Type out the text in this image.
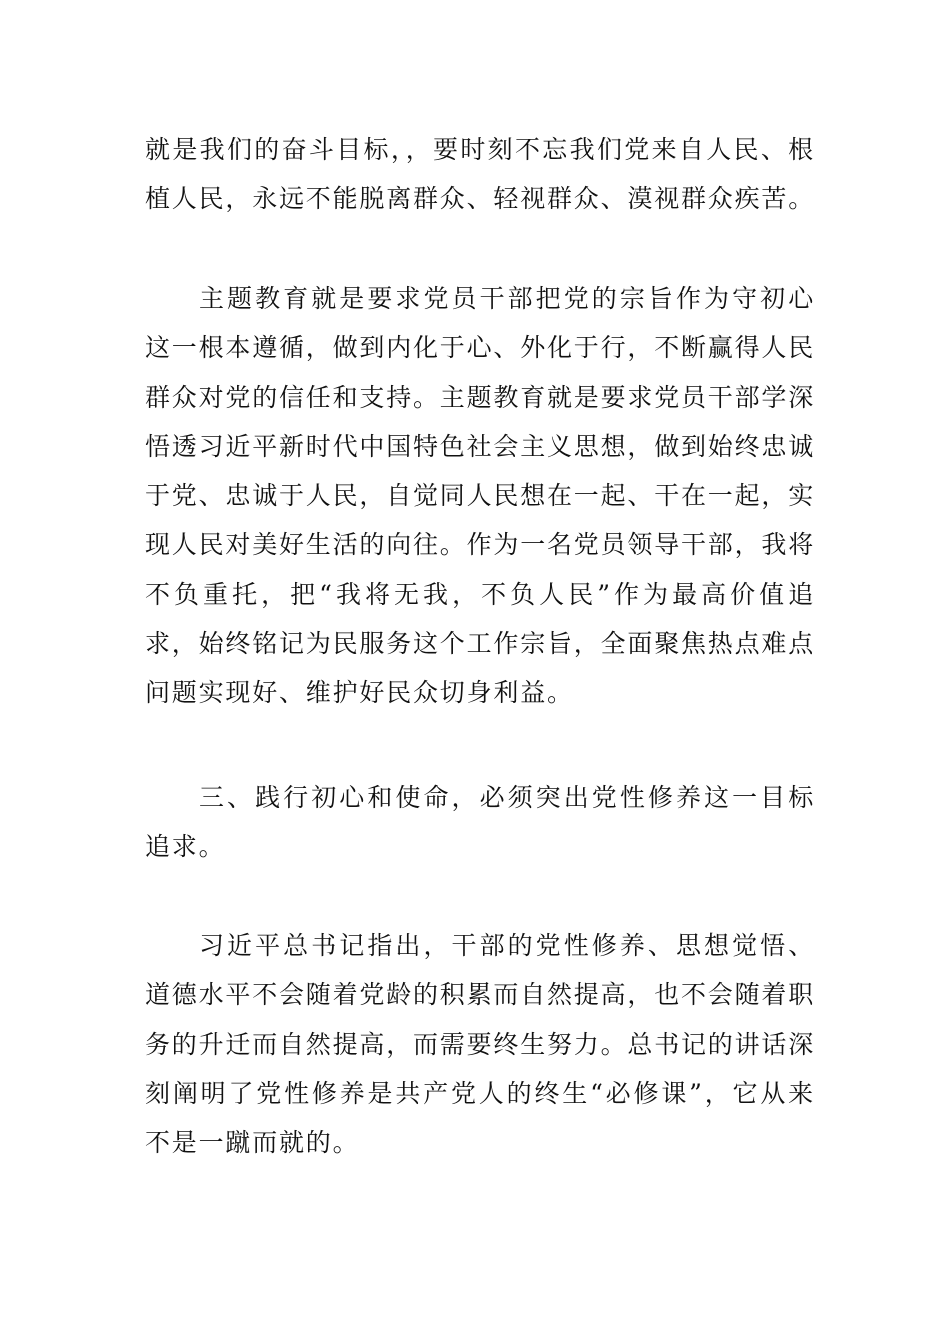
就是我们的奋斗目标，，要时刻不忘我们党来自人民、根植人民，永远不能脱离群众、轻视群众、漠视群众疾苦。

主题教育就是要求党员干部把党的宗旨作为守初心这一根本遵循，做到内化于心、外化于行，不断赢得人民群众对党的信任和支持。主题教育就是要求党员干部学深悟透习近平新时代中国特色社会主义思想，做到始终忠诚于党、忠诚于人民，自觉同人民想在一起、干在一起，实现人民对美好生活的向往。作为一名党员领导干部，我将不负重托，把“我将无我，不负人民”作为最高价值追求，始终铭记为民服务这个工作宗旨，全面聚焦热点难点问题实现好、维护好民众切身利益。

三、践行初心和使命，必须突出党性修养这一目标追求。

习近平总书记指出，干部的党性修养、思想觉悟、道德水平不会随着党龄的积累而自然提高，也不会随着职务的升迁而自然提高，而需要终生努力。总书记的讲话深刻阐明了党性修养是共产党人的终生“必修课”，它从来不是一蹴而就的。
